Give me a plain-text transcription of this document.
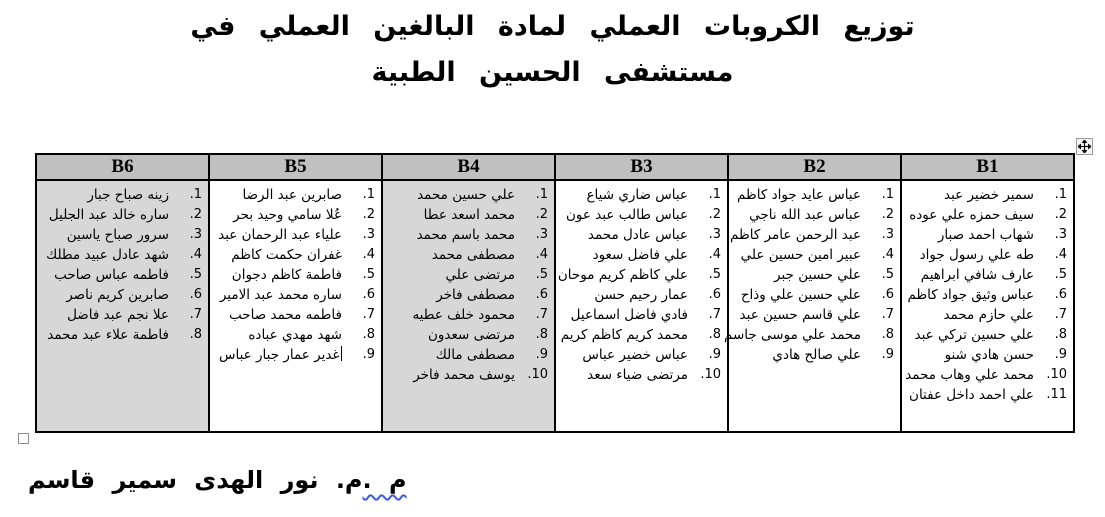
توزيع الكروبات العملي لمادة البالغين العملي في
مستشفى الحسين الطبية
B1	B2	B3	B4	B5	B6

.1
سمير خضير عبد
.2
سيف حمزه علي عوده
.3
شهاب احمد صبار
.4
طه علي رسول جواد
.5
عارف شافي ابراهيم
.6
عباس وثيق جواد كاظم
.7
علي حازم محمد
.8
علي حسين تركي عبد
.9
حسن هادي شنو
.10
محمد علي وهاب محمد
.11
علي احمد داخل عفتان

.1
عباس عايد جواد كاظم
.2
عباس عبد الله ناجي
.3
عبد الرحمن عامر كاظم
.4
عبير امين حسين علي
.5
علي حسين جبر
.6
علي حسين علي وذاح
.7
علي قاسم حسين عبد
.8
محمد علي موسى جاسم
.9
علي صالح هادي

.1
عباس ضاري شياع
.2
عباس طالب عبد عون
.3
عباس عادل محمد
.4
علي فاضل سعود
.5
علي كاظم كريم موحان
.6
عمار رحيم حسن
.7
فادي فاضل اسماعيل
.8
محمد كريم كاظم كريم
.9
عباس خضير عباس
.10
مرتضى ضياء سعد

.1
علي حسين محمد
.2
محمد اسعد عطا
.3
محمد باسم محمد
.4
مصطفى محمد
.5
مرتضى علي
.6
مصطفى فاخر
.7
محمود خلف عطيه
.8
مرتضى سعدون
.9
مصطفى مالك
.10
يوسف محمد فاخر

.1
صابرين عبد الرضا
.2
عُلا سامي وحيد بحر
.3
علياء عبد الرحمان عبد
.4
غفران حكمت كاظم
.5
فاطمة كاظم دجوان
.6
ساره محمد عبد الامير
.7
فاطمه محمد صاحب
.8
شهد مهدي عباده
.9
غدير عمار جبار عباس

.1
زينه صباح جبار
.2
ساره خالد عبد الجليل
.3
سرور صباح ياسين
.4
شهد عادل عبيد مطلك
.5
فاطمه عباس صاحب
.6
صابرين كريم ناصر
.7
علا نجم عبد فاضل
.8
فاطمة علاء عبد محمد
م .م. نور الهدى سمير قاسم
